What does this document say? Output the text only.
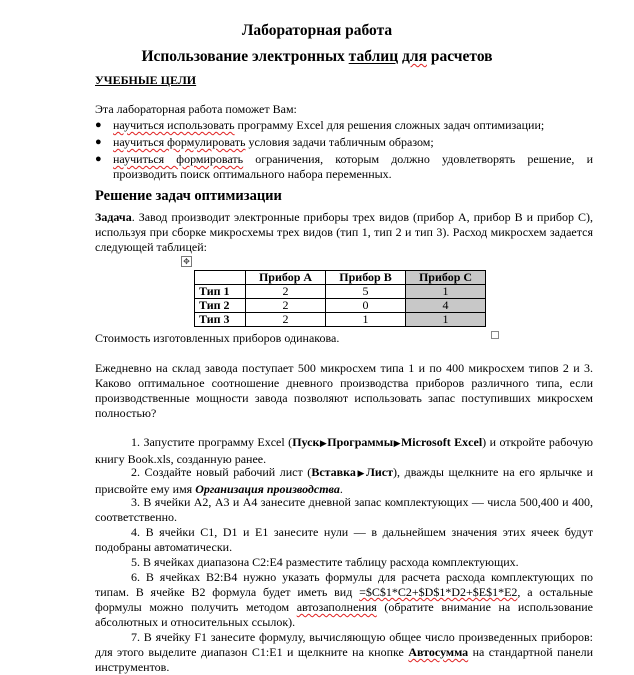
Лабораторная работа
Использование электронных таблиц для расчетов
УЧЕБНЫЕ ЦЕЛИ
Эта лабораторная работа поможет Вам:
● научиться использовать программу Excel для решения сложных задач оптимизации;
● научиться формулировать условия задачи табличным образом;
● научиться формировать ограничения, которым должно удовлетворять решение, и производить поиск оптимального набора переменных.
Решение задач оптимизации
Задача. Завод производит электронные приборы трех видов (прибор А, прибор В и прибор С), используя при сборке микросхемы трех видов (тип 1, тип 2 и тип 3). Расход микросхем задается следующей таблицей:
✥
	Прибор А	Прибор В	Прибор С
Тип 1	2	5	1
Тип 2	2	0	4
Тип 3	2	1	1
Стоимость изготовленных приборов одинакова.
Ежедневно на склад завода поступает 500 микросхем типа 1 и по 400 микросхем типов 2 и 3. Каково оптимальное соотношение дневного производства приборов различного типа, если производственные мощности завода позволяют использовать запас поступивших микросхем полностью?
1. Запустите программу Excel (Пуск▶Программы▶Microsoft Excel) и откройте рабочую книгу Book.xls, созданную ранее.
2. Создайте новый рабочий лист (Вставка▶Лист), дважды щелкните на его ярлычке и присвойте ему имя Организация производства.
3. В ячейки А2, А3 и А4 занесите дневной запас комплектующих — числа 500,400 и 400, соответственно.
4. В ячейки С1, D1 и Е1 занесите нули — в дальнейшем значения этих ячеек будут подобраны автоматически.
5. В ячейках диапазона С2:Е4 разместите таблицу расхода комплектующих.
6. В ячейках В2:В4 нужно указать формулы для расчета расхода комплектующих по типам. В ячейке В2 формула будет иметь вид =$C$1*C2+$D$1*D2+$E$1*E2, а остальные формулы можно получить методом автозаполнения (обратите внимание на использование абсолютных и относительных ссылок).
7. В ячейку F1 занесите формулу, вычисляющую общее число произведенных приборов: для этого выделите диапазон С1:Е1 и щелкните на кнопке Автосумма на стандартной панели инструментов.
